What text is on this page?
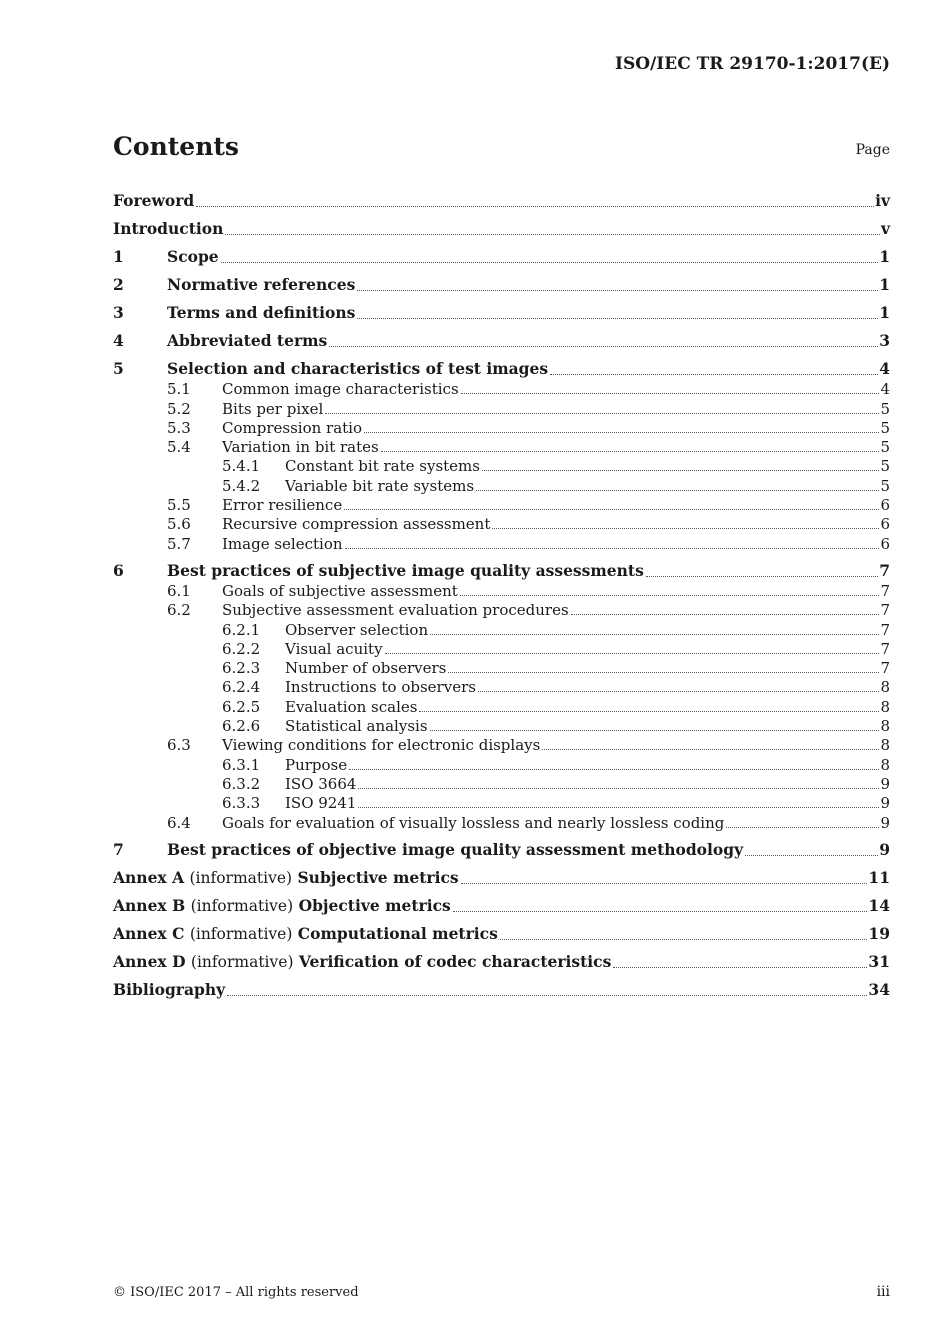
ISO/IEC TR 29170-1:2017(E)
Contents	Page
Foreword	iv
Introduction	v
1	Scope	1
2	Normative references	1
3	Terms and definitions	1
4	Abbreviated terms	3
5	Selection and characteristics of test images	4
5.1	Common image characteristics	4
5.2	Bits per pixel	5
5.3	Compression ratio	5
5.4	Variation in bit rates	5
5.4.1	Constant bit rate systems	5
5.4.2	Variable bit rate systems	5
5.5	Error resilience	6
5.6	Recursive compression assessment	6
5.7	Image selection	6
6	Best practices of subjective image quality assessments	7
6.1	Goals of subjective assessment	7
6.2	Subjective assessment evaluation procedures	7
6.2.1	Observer selection	7
6.2.2	Visual acuity	7
6.2.3	Number of observers	7
6.2.4	Instructions to observers	8
6.2.5	Evaluation scales	8
6.2.6	Statistical analysis	8
6.3	Viewing conditions for electronic displays	8
6.3.1	Purpose	8
6.3.2	ISO 3664	9
6.3.3	ISO 9241	9
6.4	Goals for evaluation of visually lossless and nearly lossless coding	9
7	Best practices of objective image quality assessment methodology	9
Annex A (informative) Subjective metrics	11
Annex B (informative) Objective metrics	14
Annex C (informative) Computational metrics	19
Annex D (informative) Verification of codec characteristics	31
Bibliography	34
© ISO/IEC 2017 – All rights reserved	iii
